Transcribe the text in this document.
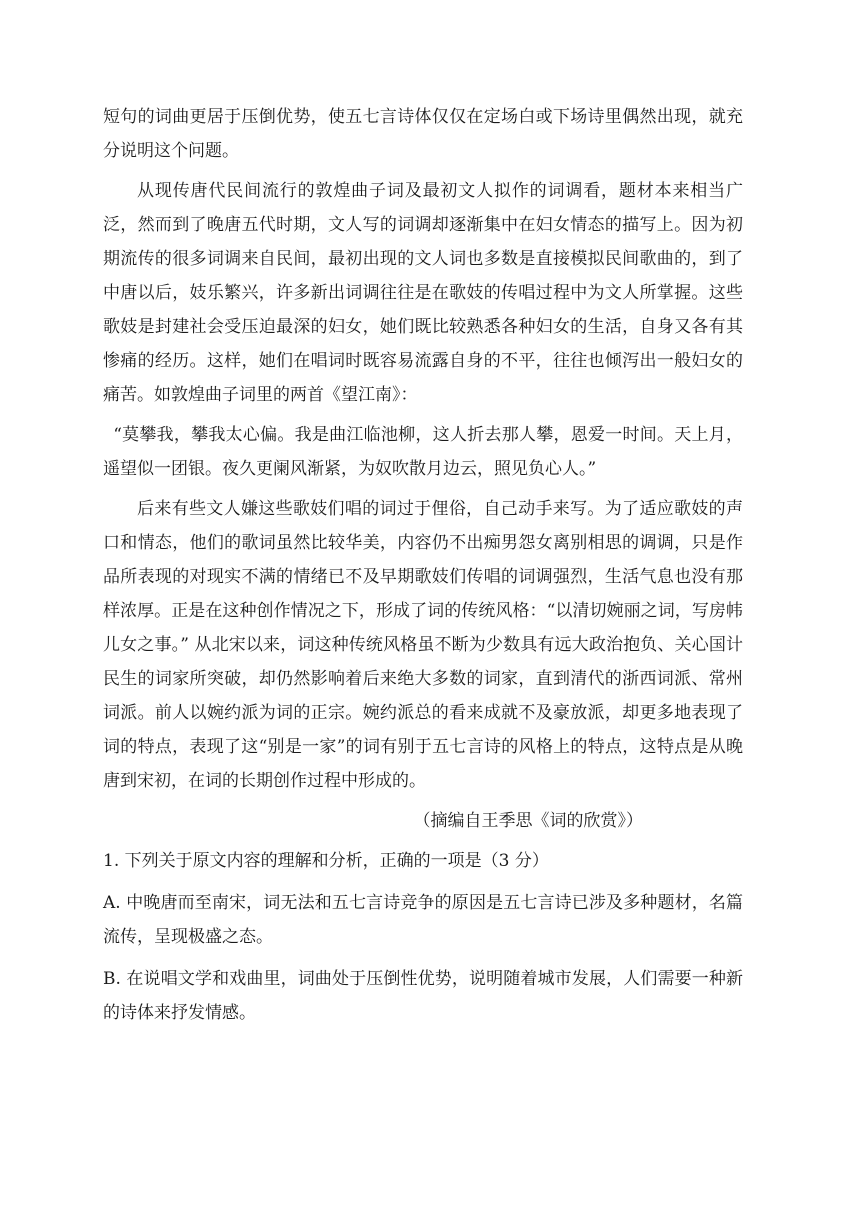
短句的词曲更居于压倒优势，使五七言诗体仅仅在定场白或下场诗里偶然出现，就充分说明这个问题。

从现传唐代民间流行的敦煌曲子词及最初文人拟作的词调看，题材本来相当广泛，然而到了晚唐五代时期，文人写的词调却逐渐集中在妇女情态的描写上。因为初期流传的很多词调来自民间，最初出现的文人词也多数是直接模拟民间歌曲的，到了中唐以后，妓乐繁兴，许多新出词调往往是在歌妓的传唱过程中为文人所掌握。这些歌妓是封建社会受压迫最深的妇女，她们既比较熟悉各种妇女的生活，自身又各有其惨痛的经历。这样，她们在唱词时既容易流露自身的不平，往往也倾泻出一般妇女的痛苦。如敦煌曲子词里的两首《望江南》：

“莫攀我，攀我太心偏。我是曲江临池柳，这人折去那人攀，恩爱一时间。天上月，遥望似一团银。夜久更阑风渐紧，为奴吹散月边云，照见负心人。”

后来有些文人嫌这些歌妓们唱的词过于俚俗，自己动手来写。为了适应歌妓的声口和情态，他们的歌词虽然比较华美，内容仍不出痴男怨女离别相思的调调，只是作品所表现的对现实不满的情绪已不及早期歌妓们传唱的词调强烈，生活气息也没有那样浓厚。正是在这种创作情况之下，形成了词的传统风格：“以清切婉丽之词，写房帏儿女之事。” 从北宋以来，词这种传统风格虽不断为少数具有远大政治抱负、关心国计民生的词家所突破，却仍然影响着后来绝大多数的词家，直到清代的浙西词派、常州词派。前人以婉约派为词的正宗。婉约派总的看来成就不及豪放派，却更多地表现了词的特点，表现了这“别是一家”的词有别于五七言诗的风格上的特点，这特点是从晚唐到宋初，在词的长期创作过程中形成的。

（摘编自王季思《词的欣赏》）

1. 下列关于原文内容的理解和分析，正确的一项是（3 分）

A. 中晚唐而至南宋，词无法和五七言诗竞争的原因是五七言诗已涉及多种题材，名篇流传，呈现极盛之态。

B. 在说唱文学和戏曲里，词曲处于压倒性优势，说明随着城市发展，人们需要一种新的诗体来抒发情感。
